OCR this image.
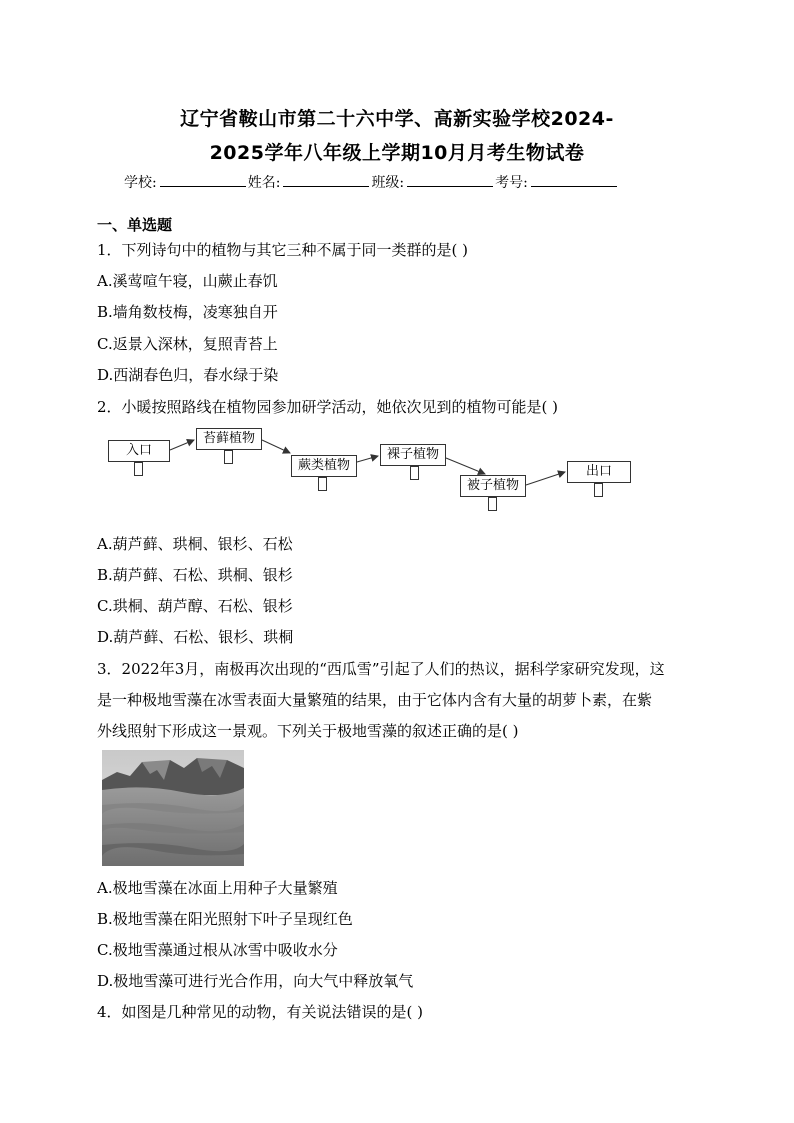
辽宁省鞍山市第二十六中学、高新实验学校2024-
2025学年八年级上学期10月月考生物试卷
学校:	姓名:	班级:	考号:
一、单选题
1．下列诗句中的植物与其它三种不属于同一类群的是( )
A.溪莺喧午寝，山蕨止春饥
B.墙角数枝梅，凌寒独自开
C.返景入深林，复照青苔上
D.西湖春色归，春水绿于染
2．小暖按照路线在植物园参加研学活动，她依次见到的植物可能是( )
入口
苔藓植物
蕨类植物
裸子植物
被子植物
出口
A.葫芦藓、珙桐、银杉、石松
B.葫芦藓、石松、珙桐、银杉
C.珙桐、葫芦醇、石松、银杉
D.葫芦藓、石松、银杉、珙桐
3．2022年3月，南极再次出现的“西瓜雪”引起了人们的热议，据科学家研究发现，这
是一种极地雪藻在冰雪表面大量繁殖的结果，由于它体内含有大量的胡萝卜素，在紫
外线照射下形成这一景观。下列关于极地雪藻的叙述正确的是( )
A.极地雪藻在冰面上用种子大量繁殖
B.极地雪藻在阳光照射下叶子呈现红色
C.极地雪藻通过根从冰雪中吸收水分
D.极地雪藻可进行光合作用，向大气中释放氧气
4．如图是几种常见的动物，有关说法错误的是( )
